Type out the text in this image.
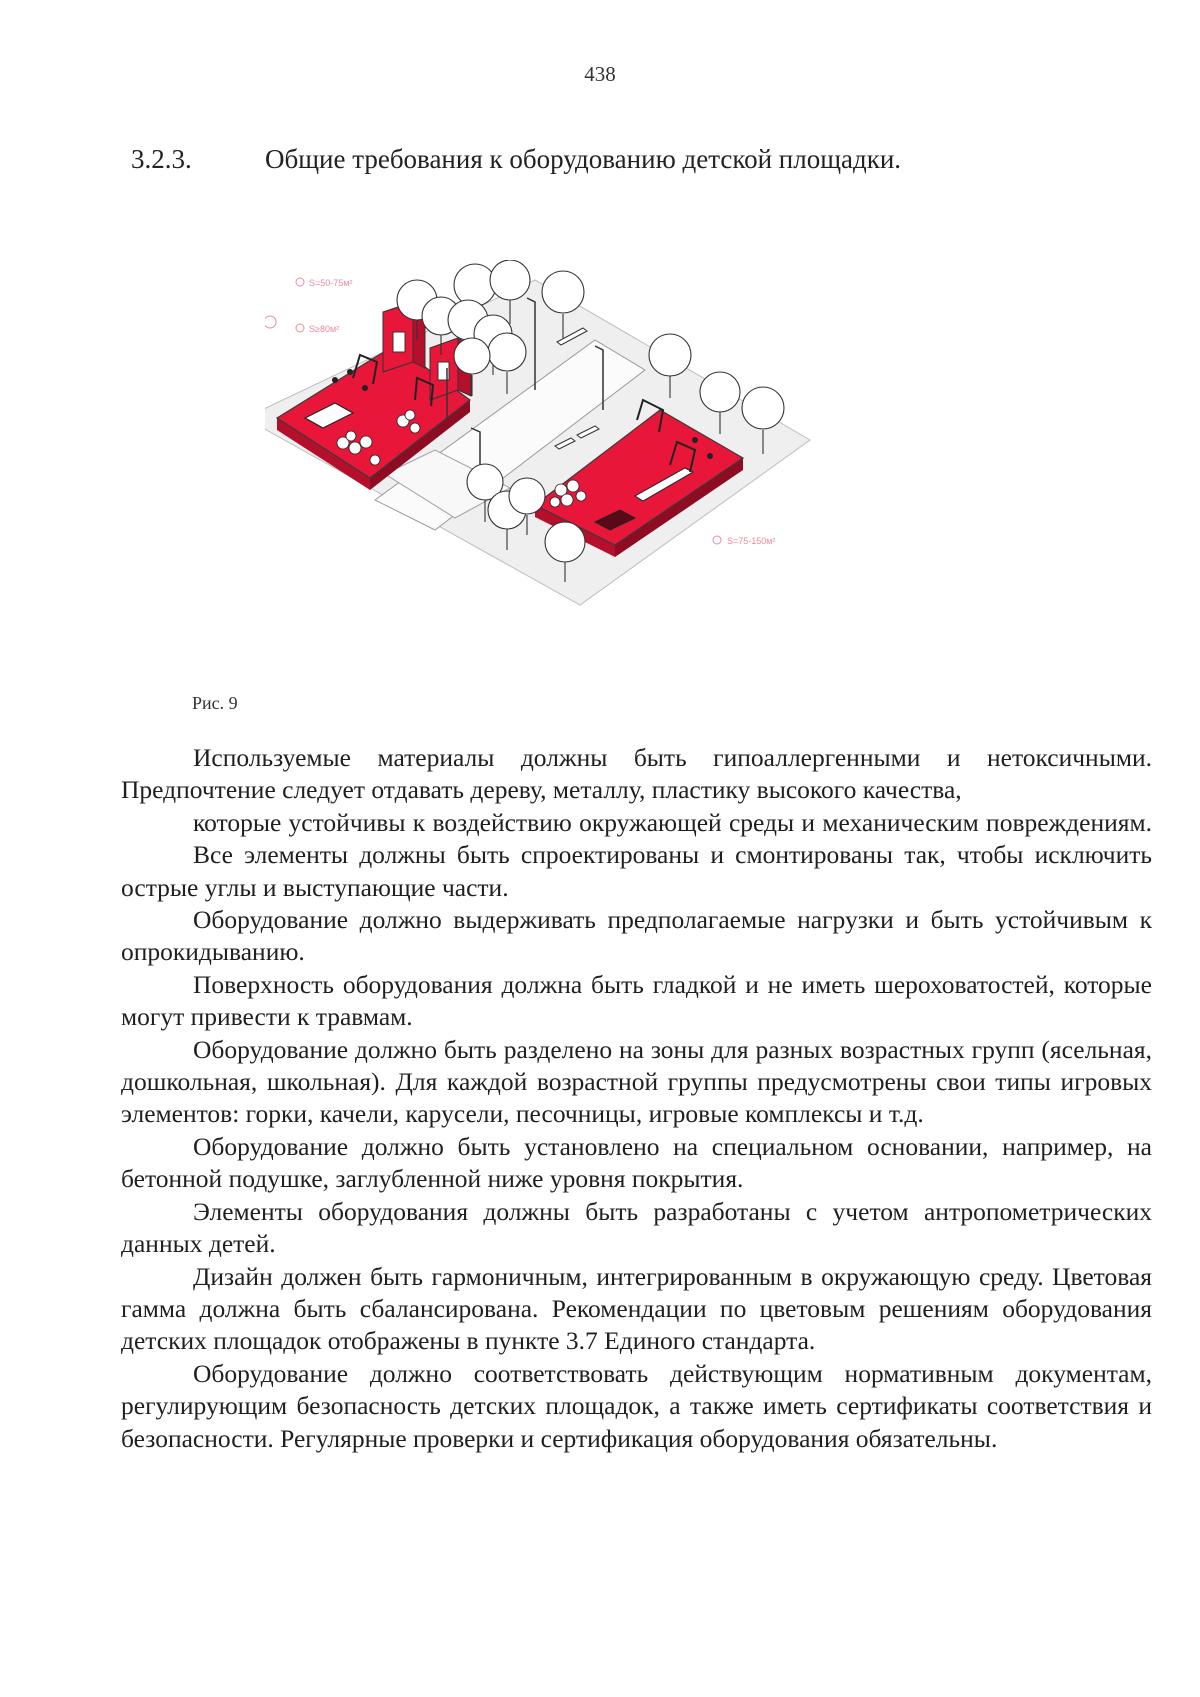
438
3.2.3.	Общие требования к оборудованию детской площадки.
S=50-75м²
S≥80м²
S=75-150м²
Рис. 9

Используемые материалы должны быть гипоаллергенными и нетоксичными. Предпочтение следует отдавать дереву, металлу, пластику высокого качества,

которые устойчивы к воздействию окружающей среды и механическим повреждениям.

Все элементы должны быть спроектированы и смонтированы так, чтобы исключить острые углы и выступающие части.

Оборудование должно выдерживать предполагаемые нагрузки и быть устойчивым к опрокидыванию.

Поверхность оборудования должна быть гладкой и не иметь шероховатостей, которые могут привести к травмам.

Оборудование должно быть разделено на зоны для разных возрастных групп (ясельная, дошкольная, школьная). Для каждой возрастной группы предусмотрены свои типы игровых элементов: горки, качели, карусели, песочницы, игровые комплексы и т.д.

Оборудование должно быть установлено на специальном основании, например, на бетонной подушке, заглубленной ниже уровня покрытия.

Элементы оборудования должны быть разработаны с учетом антропометрических данных детей.

Дизайн должен быть гармоничным, интегрированным в окружающую среду. Цветовая гамма должна быть сбалансирована. Рекомендации по цветовым решениям оборудования детских площадок отображены в пункте 3.7 Единого стандарта.

Оборудование должно соответствовать действующим нормативным документам, регулирующим безопасность детских площадок, а также иметь сертификаты соответствия и безопасности. Регулярные проверки и сертификация оборудования обязательны.
